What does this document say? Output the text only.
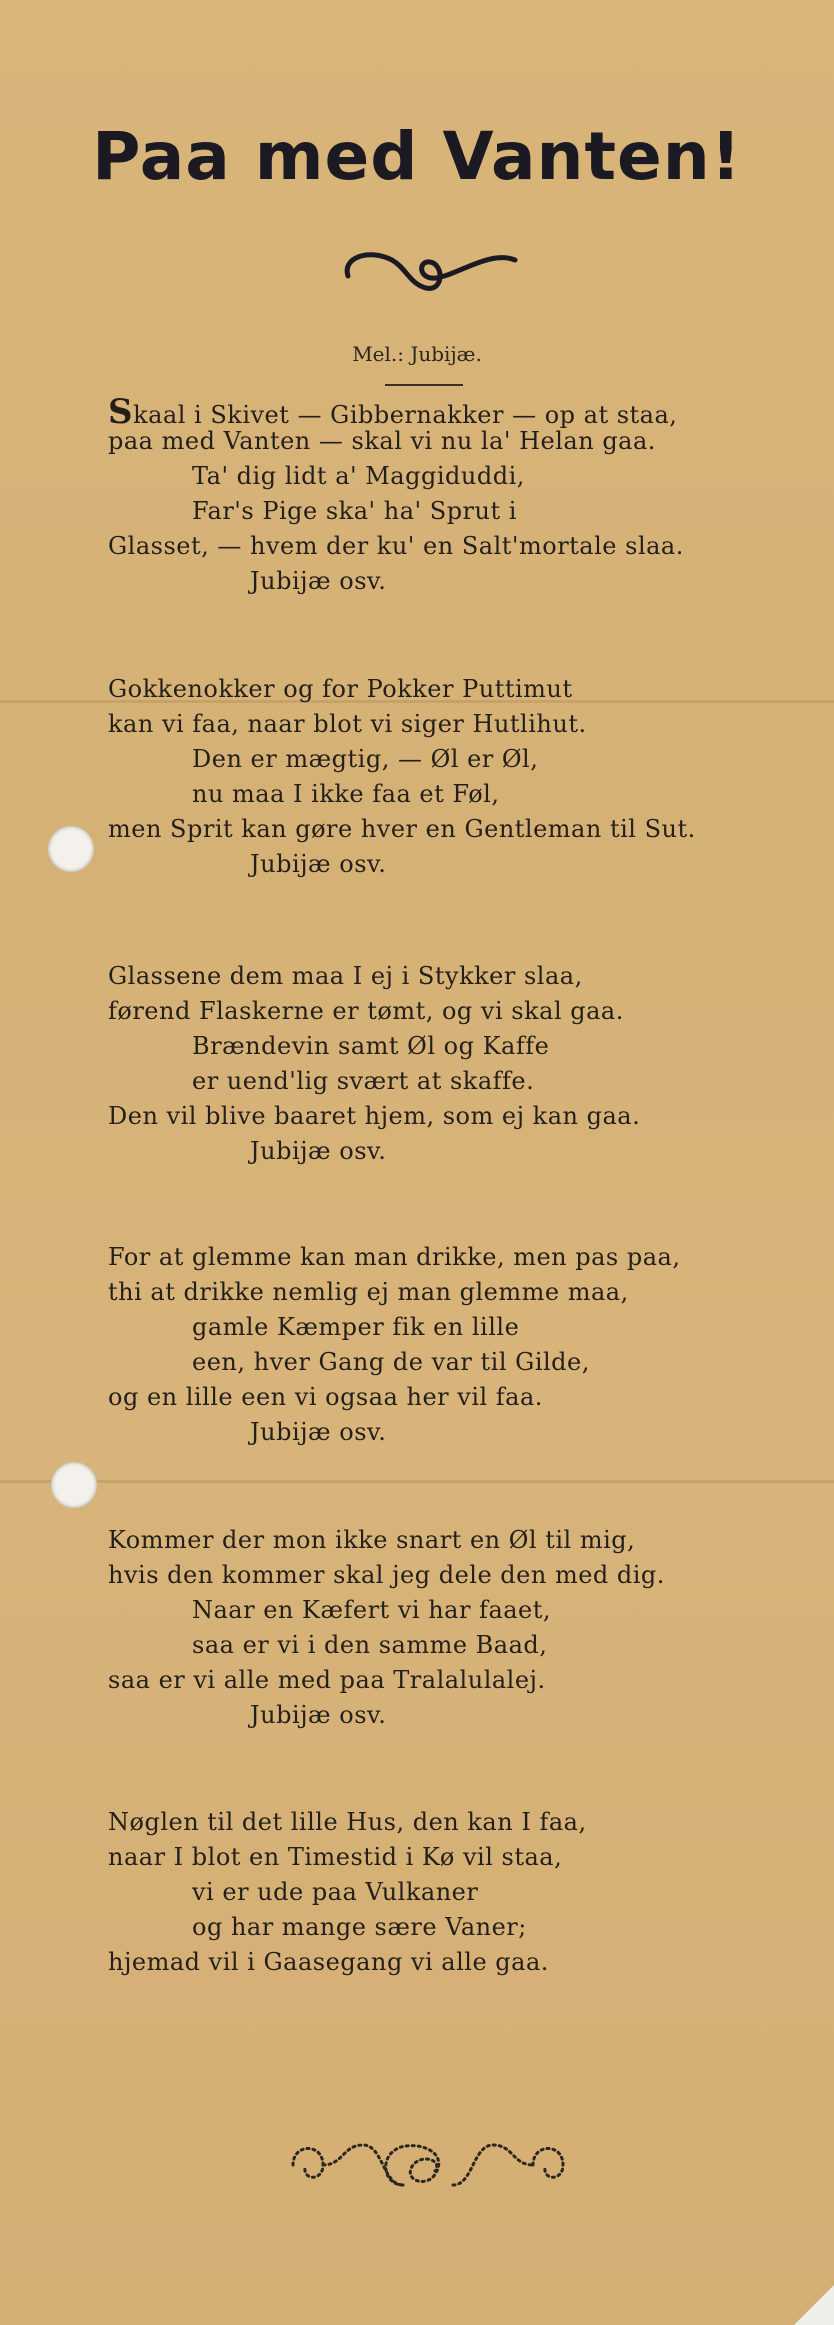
Paa med Vanten!
Mel.: Jubijæ.
Skaal i Skivet — Gibbernakker — op at staa,
paa med Vanten — skal vi nu la' Helan gaa.
Ta' dig lidt a' Maggiduddi,
Far's Pige ska' ha' Sprut i
Glasset, — hvem der ku' en Salt'mortale slaa.
Jubijæ osv.
Gokkenokker og for Pokker Puttimut
kan vi faa, naar blot vi siger Hutlihut.
Den er mægtig, — Øl er Øl,
nu maa I ikke faa et Føl,
men Sprit kan gøre hver en Gentleman til Sut.
Jubijæ osv.
Glassene dem maa I ej i Stykker slaa,
førend Flaskerne er tømt, og vi skal gaa.
Brændevin samt Øl og Kaffe
er uend'lig svært at skaffe.
Den vil blive baaret hjem, som ej kan gaa.
Jubijæ osv.
For at glemme kan man drikke, men pas paa,
thi at drikke nemlig ej man glemme maa,
gamle Kæmper fik en lille
een, hver Gang de var til Gilde,
og en lille een vi ogsaa her vil faa.
Jubijæ osv.
Kommer der mon ikke snart en Øl til mig,
hvis den kommer skal jeg dele den med dig.
Naar en Kæfert vi har faaet,
saa er vi i den samme Baad,
saa er vi alle med paa Tralalulalej.
Jubijæ osv.
Nøglen til det lille Hus, den kan I faa,
naar I blot en Timestid i Kø vil staa,
vi er ude paa Vulkaner
og har mange sære Vaner;
hjemad vil i Gaasegang vi alle gaa.
